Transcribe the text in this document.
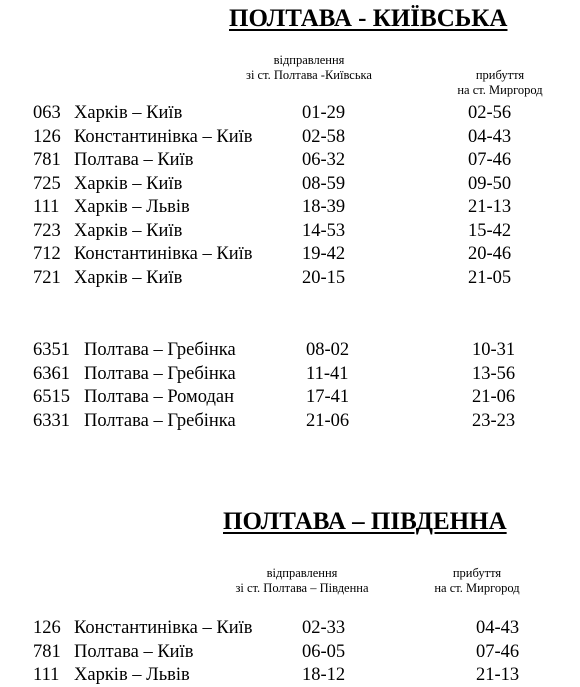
ПОЛТАВА - КИЇВСЬКА
відправлення
зі ст. Полтава -Київська	прибуття
на ст. Миргород
063 Харків – Київ	01-29	02-56
126 Константинівка – Київ	02-58	04-43
781 Полтава – Київ	06-32	07-46
725 Харків – Київ	08-59	09-50
111 Харків – Львів	18-39	21-13
723 Харків – Київ	14-53	15-42
712 Константинівка – Київ	19-42	20-46
721 Харків – Київ	20-15	21-05
6351 Полтава – Гребінка	08-02	10-31
6361 Полтава – Гребінка	11-41	13-56
6515 Полтава – Ромодан	17-41	21-06
6331 Полтава – Гребінка	21-06	23-23
ПОЛТАВА – ПІВДЕННА
відправлення
зі ст. Полтава – Південна
прибуття
на ст. Миргород
126 Константинівка – Київ	02-33	04-43
781 Полтава – Київ	06-05	07-46
111 Харків – Львів	18-12	21-13
